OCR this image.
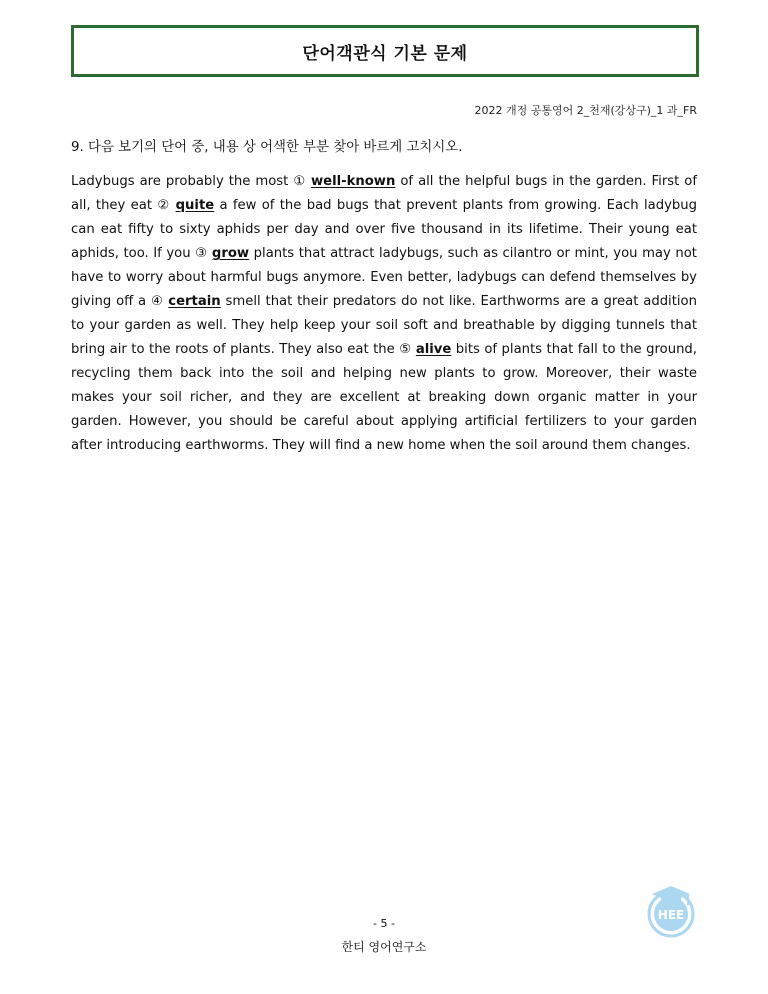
단어객관식 기본 문제
2022 개정 공통영어 2_천재(강상구)_1 과_FR
9. 다음 보기의 단어 중, 내용 상 어색한 부분 찾아 바르게 고치시오.
Ladybugs are probably the most ① well-known of all the helpful bugs in the garden. First of all, they eat ② quite a few of the bad bugs that prevent plants from growing. Each ladybug can eat fifty to sixty aphids per day and over five thousand in its lifetime. Their young eat aphids, too. If you ③ grow plants that attract ladybugs, such as cilantro or mint, you may not have to worry about harmful bugs anymore. Even better, ladybugs can defend themselves by giving off a ④ certain smell that their predators do not like. Earthworms are a great addition to your garden as well. They help keep your soil soft and breathable by digging tunnels that bring air to the roots of plants. They also eat the ⑤ alive bits of plants that fall to the ground, recycling them back into the soil and helping new plants to grow. Moreover, their waste makes your soil richer, and they are excellent at breaking down organic matter in your garden. However, you should be careful about applying artificial fertilizers to your garden after introducing earthworms. They will find a new home when the soil around them changes.
HEE
- 5 -
한티 영어연구소
